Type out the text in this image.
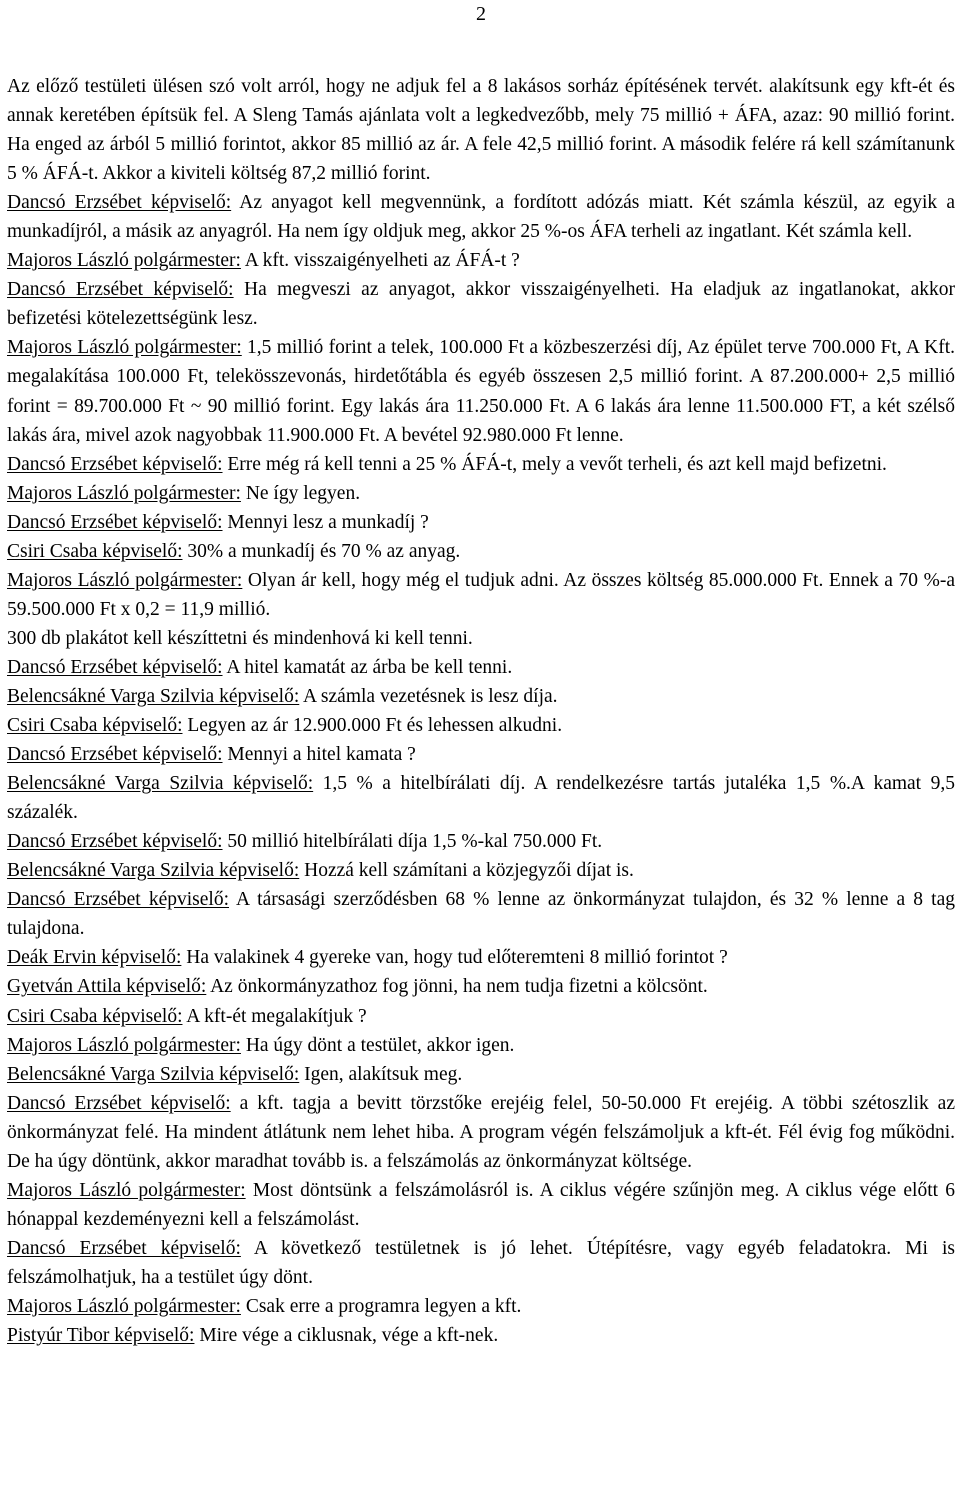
2

Az előző testületi ülésen szó volt arról, hogy ne adjuk fel a 8 lakásos sorház építésének tervét. alakítsunk egy kft-ét és annak keretében építsük fel. A Sleng Tamás ajánlata volt a legkedvezőbb, mely 75 millió + ÁFA, azaz: 90 millió forint. Ha enged az árból 5 millió forintot, akkor 85 millió az ár. A fele 42,5 millió forint. A második felére rá kell számítanunk 5 % ÁFÁ-t. Akkor a kiviteli költség 87,2 millió forint.

Dancsó Erzsébet képviselő: Az anyagot kell megvennünk, a fordított adózás miatt. Két számla készül, az egyik a munkadíjról, a másik az anyagról. Ha nem így oldjuk meg, akkor 25 %-os ÁFA terheli az ingatlant. Két számla kell.

Majoros László polgármester: A kft. visszaigényelheti az ÁFÁ-t ?

Dancsó Erzsébet képviselő: Ha megveszi az anyagot, akkor visszaigényelheti. Ha eladjuk az ingatlanokat, akkor befizetési kötelezettségünk lesz.

Majoros László polgármester: 1,5 millió forint a telek, 100.000 Ft a közbeszerzési díj, Az épület terve 700.000 Ft, A Kft. megalakítása 100.000 Ft, telekösszevonás, hirdetőtábla és egyéb összesen 2,5 millió forint. A 87.200.000+ 2,5 millió forint = 89.700.000 Ft ~ 90 millió forint. Egy lakás ára 11.250.000 Ft. A 6 lakás ára lenne 11.500.000 FT, a két szélső lakás ára, mivel azok nagyobbak 11.900.000 Ft. A bevétel 92.980.000 Ft lenne.

Dancsó Erzsébet képviselő: Erre még rá kell tenni a 25 % ÁFÁ-t, mely a vevőt terheli, és azt kell majd befizetni.

Majoros László polgármester: Ne így legyen.

Dancsó Erzsébet képviselő: Mennyi lesz a munkadíj ?

Csiri Csaba képviselő: 30% a munkadíj és 70 % az anyag.

Majoros László polgármester: Olyan ár kell, hogy még el tudjuk adni. Az összes költség 85.000.000 Ft. Ennek a 70 %-a 59.500.000 Ft x 0,2 = 11,9 millió.

300 db plakátot kell készíttetni és mindenhová ki kell tenni.

Dancsó Erzsébet képviselő: A hitel kamatát az árba be kell tenni.

Belencsákné Varga Szilvia képviselő: A számla vezetésnek is lesz díja.

Csiri Csaba képviselő: Legyen az ár 12.900.000 Ft és lehessen alkudni.

Dancsó Erzsébet képviselő: Mennyi a hitel kamata ?

Belencsákné Varga Szilvia képviselő: 1,5 % a hitelbírálati díj. A rendelkezésre tartás jutaléka 1,5 %.A kamat 9,5 százalék.

Dancsó Erzsébet képviselő: 50 millió hitelbírálati díja 1,5 %-kal 750.000 Ft.

Belencsákné Varga Szilvia képviselő: Hozzá kell számítani a közjegyzői díjat is.

Dancsó Erzsébet képviselő: A társasági szerződésben 68 % lenne az önkormányzat tulajdon, és 32 % lenne a 8 tag tulajdona.

Deák Ervin képviselő: Ha valakinek 4 gyereke van, hogy tud előteremteni 8 millió forintot ?

Gyetván Attila képviselő: Az önkormányzathoz fog jönni, ha nem tudja fizetni a kölcsönt.

Csiri Csaba képviselő: A kft-ét megalakítjuk ?

Majoros László polgármester: Ha úgy dönt a testület, akkor igen.

Belencsákné Varga Szilvia képviselő: Igen, alakítsuk meg.

Dancsó Erzsébet képviselő: a kft. tagja a bevitt törzstőke erejéig felel, 50-50.000 Ft erejéig. A többi szétoszlik az önkormányzat felé. Ha mindent átlátunk nem lehet hiba. A program végén felszámoljuk a kft-ét. Fél évig fog működni. De ha úgy döntünk, akkor maradhat tovább is. a felszámolás az önkormányzat költsége.

Majoros László polgármester: Most döntsünk a felszámolásról is. A ciklus végére szűnjön meg. A ciklus vége előtt 6 hónappal kezdeményezni kell a felszámolást.

Dancsó Erzsébet képviselő: A következő testületnek is jó lehet. Útépítésre, vagy egyéb feladatokra. Mi is felszámolhatjuk, ha a testület úgy dönt.

Majoros László polgármester: Csak erre a programra legyen a kft.

Pistyúr Tibor képviselő: Mire vége a ciklusnak, vége a kft-nek.
